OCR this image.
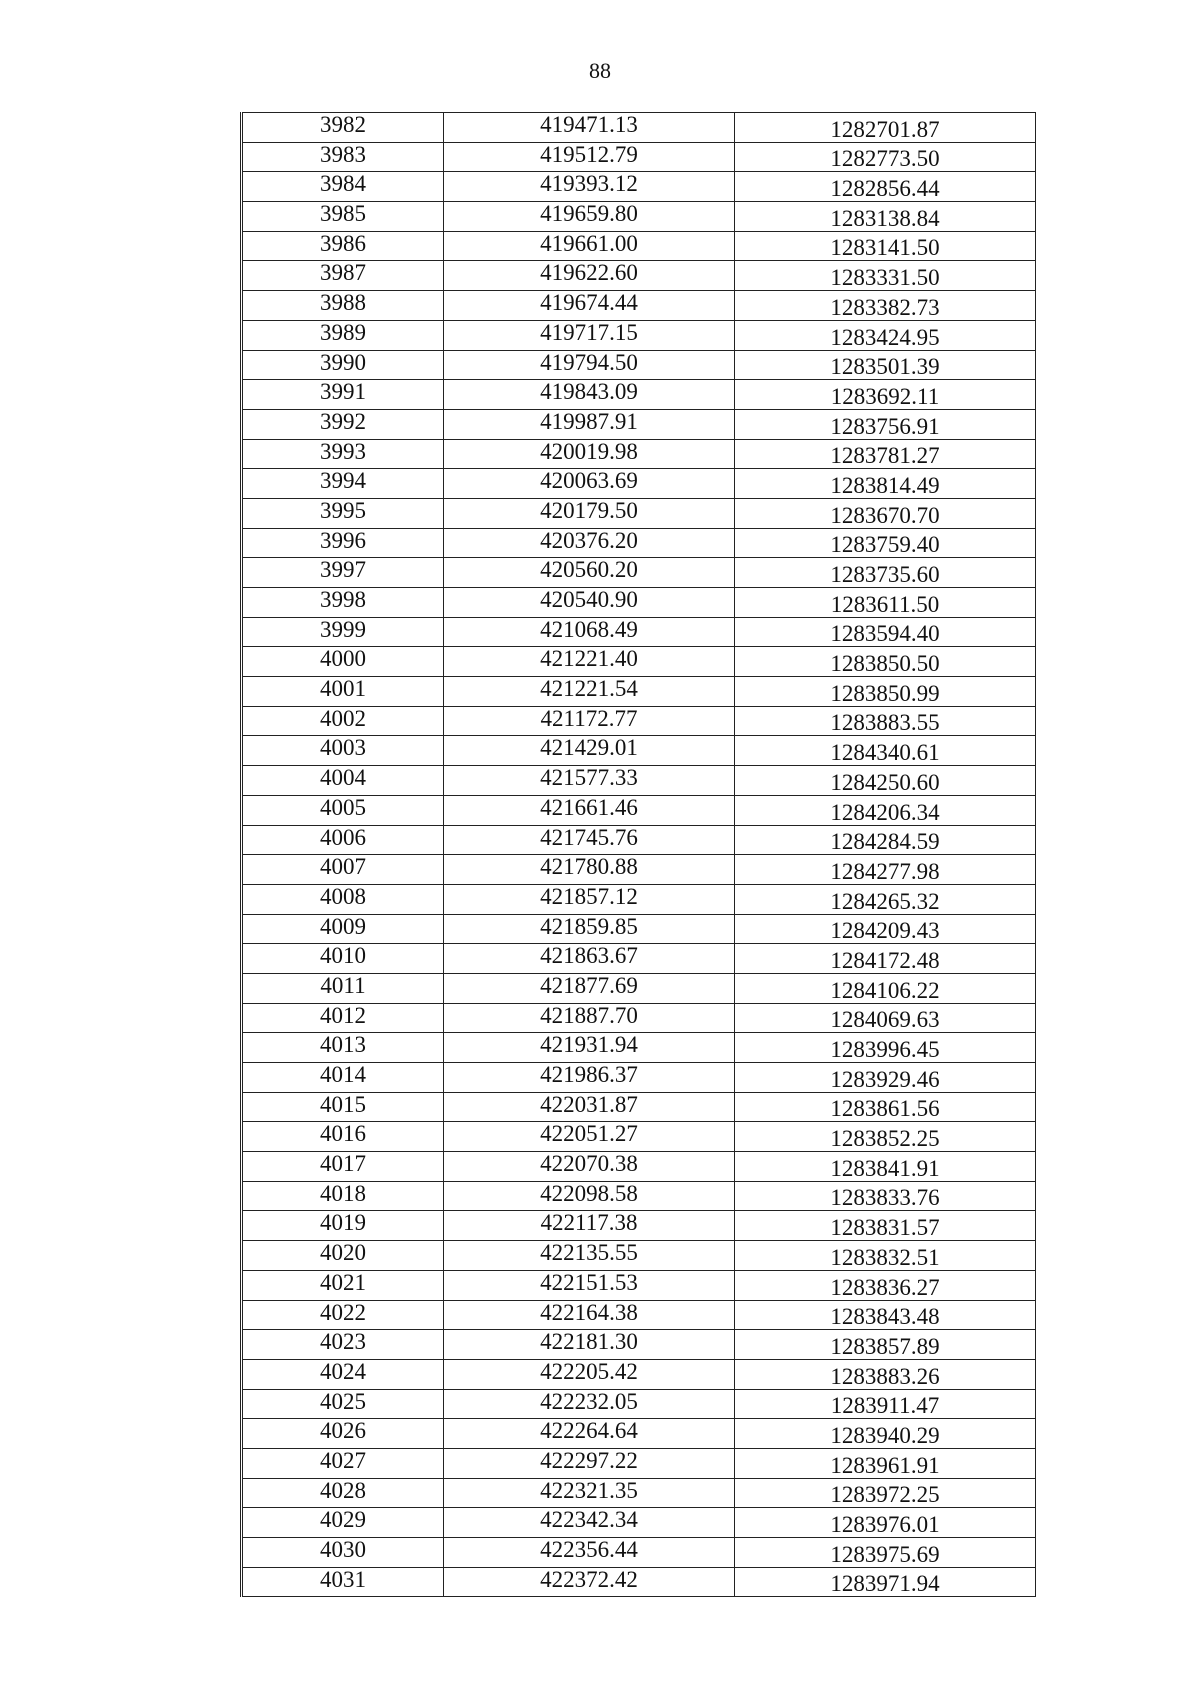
88
3982	419471.13	1282701.87
3983	419512.79	1282773.50
3984	419393.12	1282856.44
3985	419659.80	1283138.84
3986	419661.00	1283141.50
3987	419622.60	1283331.50
3988	419674.44	1283382.73
3989	419717.15	1283424.95
3990	419794.50	1283501.39
3991	419843.09	1283692.11
3992	419987.91	1283756.91
3993	420019.98	1283781.27
3994	420063.69	1283814.49
3995	420179.50	1283670.70
3996	420376.20	1283759.40
3997	420560.20	1283735.60
3998	420540.90	1283611.50
3999	421068.49	1283594.40
4000	421221.40	1283850.50
4001	421221.54	1283850.99
4002	421172.77	1283883.55
4003	421429.01	1284340.61
4004	421577.33	1284250.60
4005	421661.46	1284206.34
4006	421745.76	1284284.59
4007	421780.88	1284277.98
4008	421857.12	1284265.32
4009	421859.85	1284209.43
4010	421863.67	1284172.48
4011	421877.69	1284106.22
4012	421887.70	1284069.63
4013	421931.94	1283996.45
4014	421986.37	1283929.46
4015	422031.87	1283861.56
4016	422051.27	1283852.25
4017	422070.38	1283841.91
4018	422098.58	1283833.76
4019	422117.38	1283831.57
4020	422135.55	1283832.51
4021	422151.53	1283836.27
4022	422164.38	1283843.48
4023	422181.30	1283857.89
4024	422205.42	1283883.26
4025	422232.05	1283911.47
4026	422264.64	1283940.29
4027	422297.22	1283961.91
4028	422321.35	1283972.25
4029	422342.34	1283976.01
4030	422356.44	1283975.69
4031	422372.42	1283971.94
